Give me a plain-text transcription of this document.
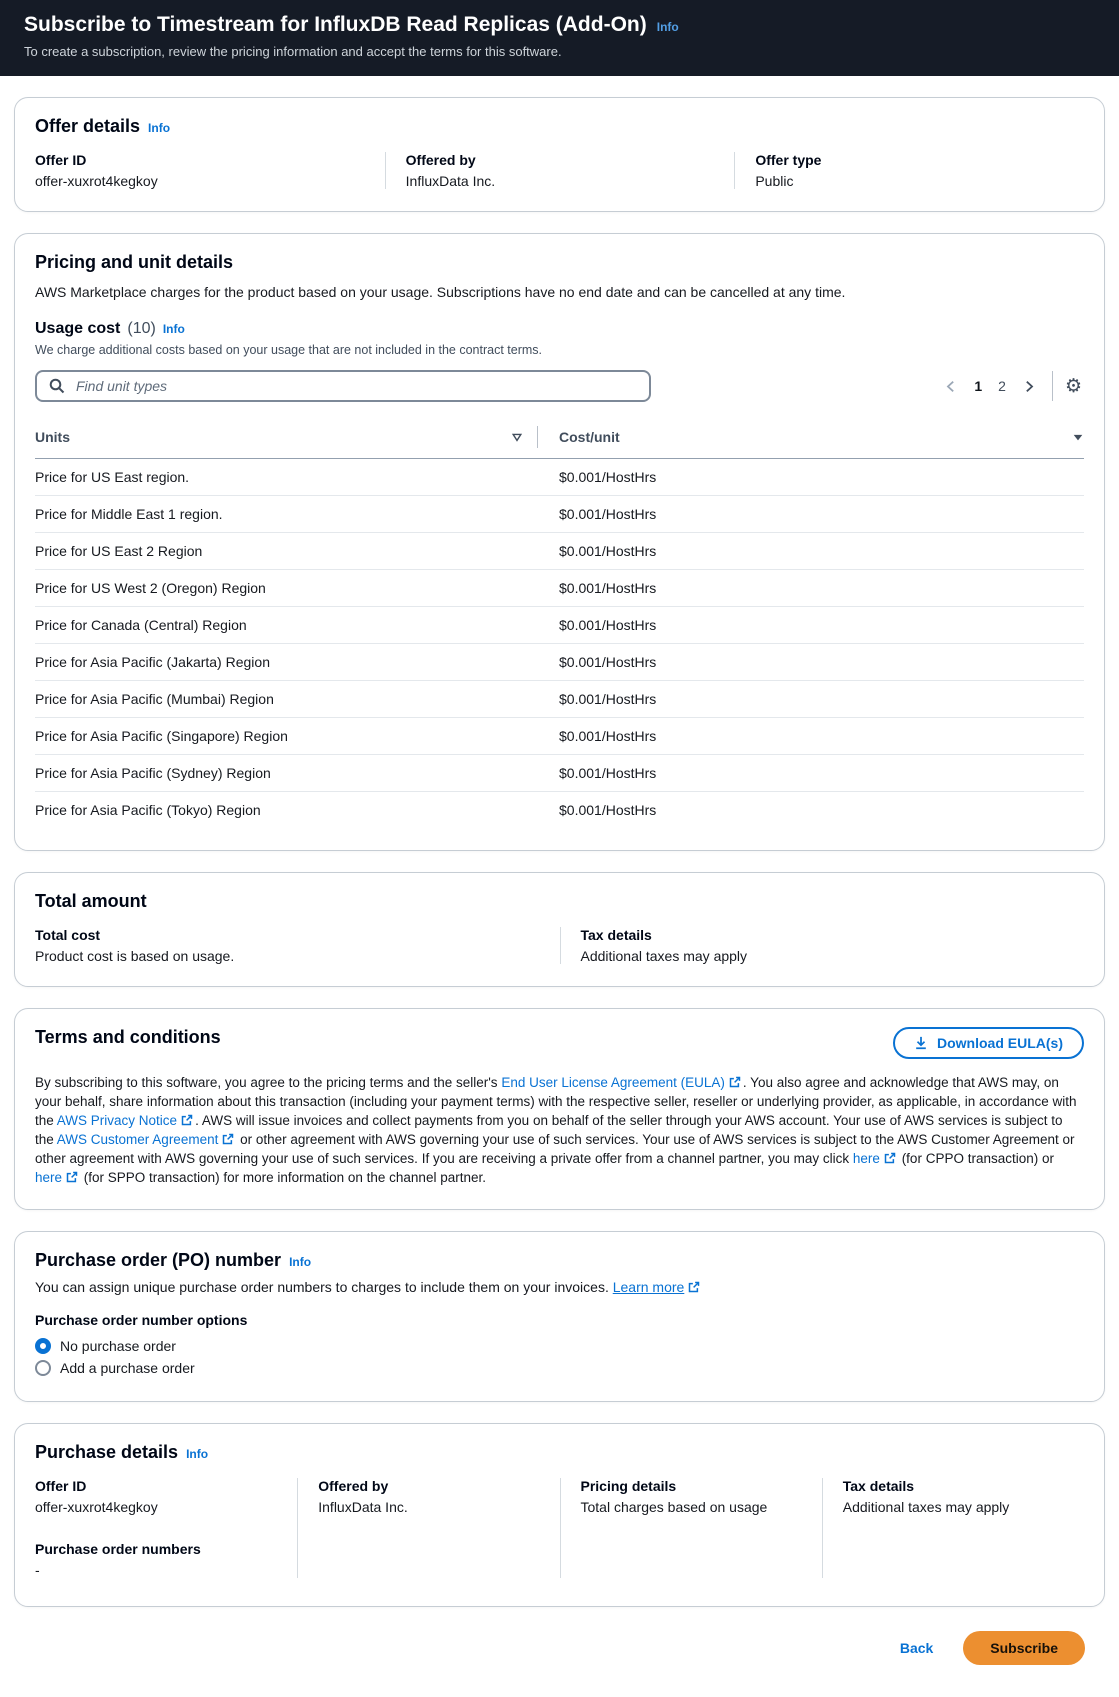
Subscribe to Timestream for InfluxDB Read Replicas (Add-On) Info
To create a subscription, review the pricing information and accept the terms for this software.
Offer details Info
Offer ID
offer-xuxrot4kegkoy
Offered by
InfluxData Inc.
Offer type
Public
Pricing and unit details
AWS Marketplace charges for the product based on your usage. Subscriptions have no end date and can be cancelled at any time.
Usage cost (10) Info
We charge additional costs based on your usage that are not included in the contract terms.
Find unit types
1 2	⚙
Units	Cost/unit
Price for US East region.	$0.001/HostHrs
Price for Middle East 1 region.	$0.001/HostHrs
Price for US East 2 Region	$0.001/HostHrs
Price for US West 2 (Oregon) Region	$0.001/HostHrs
Price for Canada (Central) Region	$0.001/HostHrs
Price for Asia Pacific (Jakarta) Region	$0.001/HostHrs
Price for Asia Pacific (Mumbai) Region	$0.001/HostHrs
Price for Asia Pacific (Singapore) Region	$0.001/HostHrs
Price for Asia Pacific (Sydney) Region	$0.001/HostHrs
Price for Asia Pacific (Tokyo) Region	$0.001/HostHrs
Total amount
Total cost
Product cost is based on usage.
Tax details
Additional taxes may apply
Terms and conditions	Download EULA(s)
By subscribing to this software, you agree to the pricing terms and the seller's End User License Agreement (EULA) . You also agree and acknowledge that AWS may, on your behalf, share information about this transaction (including your payment terms) with the respective seller, reseller or underlying provider, as applicable, in accordance with the AWS Privacy Notice . AWS will issue invoices and collect payments from you on behalf of the seller through your AWS account. Your use of AWS services is subject to the AWS Customer Agreement or other agreement with AWS governing your use of such services. Your use of AWS services is subject to the AWS Customer Agreement or other agreement with AWS governing your use of such services. If you are receiving a private offer from a channel partner, you may click here (for CPPO transaction) or here (for SPPO transaction) for more information on the channel partner.
Purchase order (PO) number Info
You can assign unique purchase order numbers to charges to include them on your invoices. Learn more
Purchase order number options
No purchase order
Add a purchase order
Purchase details Info
Offer ID
offer-xuxrot4kegkoy
Purchase order numbers
-
Offered by
InfluxData Inc.
Pricing details
Total charges based on usage
Tax details
Additional taxes may apply
Back	Subscribe
